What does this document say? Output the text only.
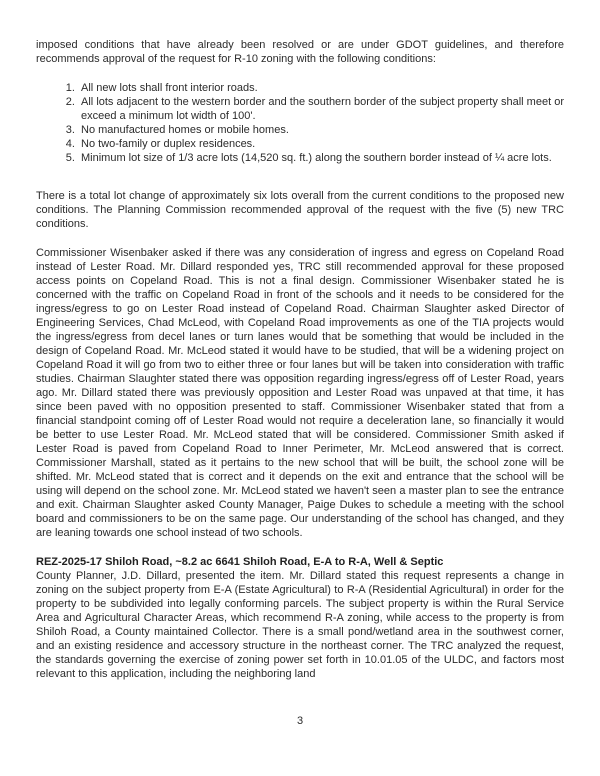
imposed conditions that have already been resolved or are under GDOT guidelines, and therefore recommends approval of the request for R-10 zoning with the following conditions:

1. All new lots shall front interior roads.
2. All lots adjacent to the western border and the southern border of the subject property shall meet or exceed a minimum lot width of 100'.
3. No manufactured homes or mobile homes.
4. No two-family or duplex residences.
5. Minimum lot size of 1/3 acre lots (14,520 sq. ft.) along the southern border instead of ¼ acre lots.

There is a total lot change of approximately six lots overall from the current conditions to the proposed new conditions. The Planning Commission recommended approval of the request with the five (5) new TRC conditions.

Commissioner Wisenbaker asked if there was any consideration of ingress and egress on Copeland Road instead of Lester Road. Mr. Dillard responded yes, TRC still recommended approval for these proposed access points on Copeland Road. This is not a final design. Commissioner Wisenbaker stated he is concerned with the traffic on Copeland Road in front of the schools and it needs to be considered for the ingress/egress to go on Lester Road instead of Copeland Road. Chairman Slaughter asked Director of Engineering Services, Chad McLeod, with Copeland Road improvements as one of the TIA projects would the ingress/egress from decel lanes or turn lanes would that be something that would be included in the design of Copeland Road. Mr. McLeod stated it would have to be studied, that will be a widening project on Copeland Road it will go from two to either three or four lanes but will be taken into consideration with traffic studies. Chairman Slaughter stated there was opposition regarding ingress/egress off of Lester Road, years ago. Mr. Dillard stated there was previously opposition and Lester Road was unpaved at that time, it has since been paved with no opposition presented to staff. Commissioner Wisenbaker stated that from a financial standpoint coming off of Lester Road would not require a deceleration lane, so financially it would be better to use Lester Road. Mr. McLeod stated that will be considered. Commissioner Smith asked if Lester Road is paved from Copeland Road to Inner Perimeter, Mr. McLeod answered that is correct. Commissioner Marshall, stated as it pertains to the new school that will be built, the school zone will be shifted. Mr. McLeod stated that is correct and it depends on the exit and entrance that the school will be using will depend on the school zone. Mr. McLeod stated we haven't seen a master plan to see the entrance and exit. Chairman Slaughter asked County Manager, Paige Dukes to schedule a meeting with the school board and commissioners to be on the same page. Our understanding of the school has changed, and they are leaning towards one school instead of two schools.

REZ-2025-17 Shiloh Road, ~8.2 ac 6641 Shiloh Road, E-A to R-A, Well & Septic

County Planner, J.D. Dillard, presented the item. Mr. Dillard stated this request represents a change in zoning on the subject property from E-A (Estate Agricultural) to R-A (Residential Agricultural) in order for the property to be subdivided into legally conforming parcels. The subject property is within the Rural Service Area and Agricultural Character Areas, which recommend R-A zoning, while access to the property is from Shiloh Road, a County maintained Collector. There is a small pond/wetland area in the southwest corner, and an existing residence and accessory structure in the northeast corner. The TRC analyzed the request, the standards governing the exercise of zoning power set forth in 10.01.05 of the ULDC, and factors most relevant to this application, including the neighboring land

3
